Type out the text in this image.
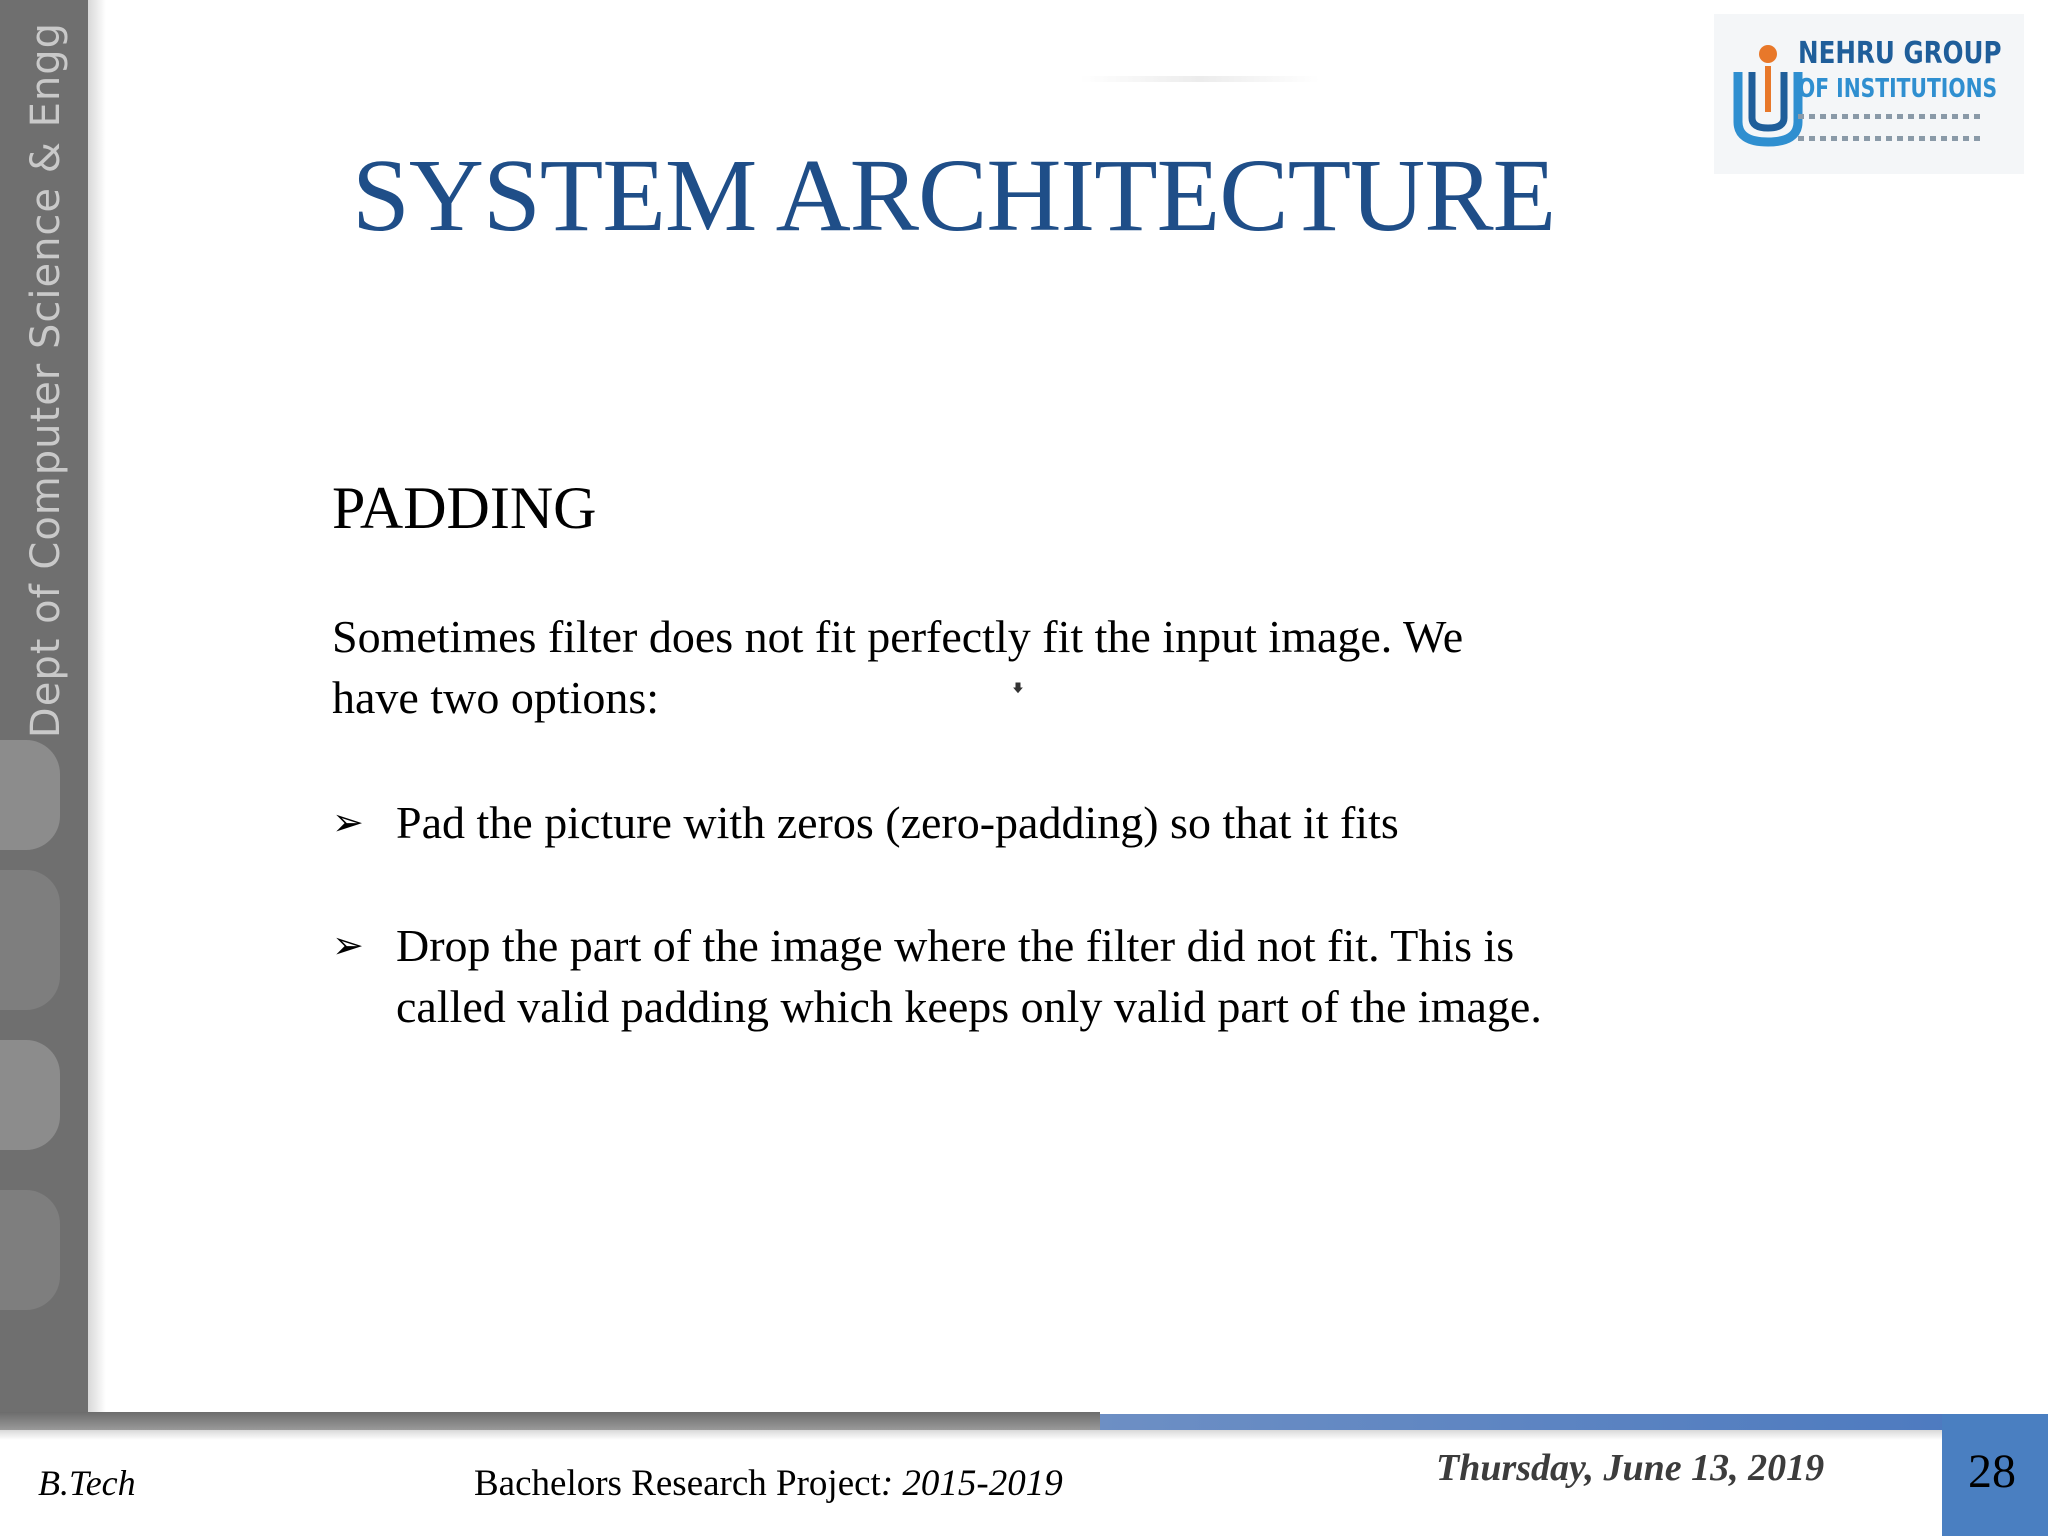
Dept of Computer Science & Engg	NEHRU GROUP
OF INSTITUTIONS
SYSTEM ARCHITECTURE
PADDING
Sometimes filter does not fit perfectly fit the input image. We
have two options:
➢ Pad the picture with zeros (zero-padding) so that it fits
➢ Drop the part of the image where the filter did not fit. This is
called valid padding which keeps only valid part of the image.
28
B.Tech	Bachelors Research Project: 2015-2019	Thursday, June 13, 2019
